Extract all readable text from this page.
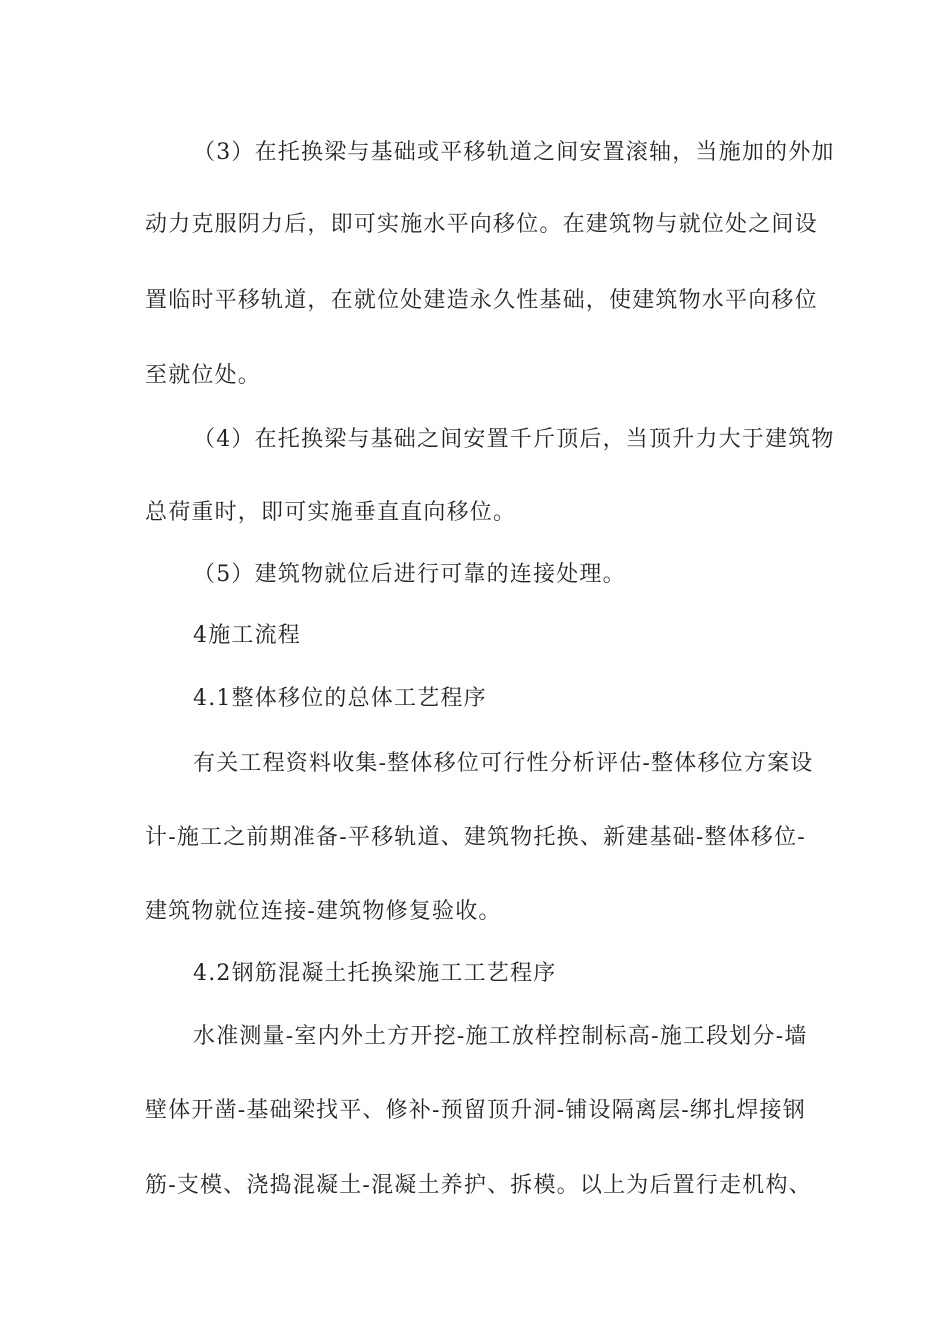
（3）在托换梁与基础或平移轨道之间安置滚轴，当施加的外加
动力克服阴力后，即可实施水平向移位。在建筑物与就位处之间设
置临时平移轨道，在就位处建造永久性基础，使建筑物水平向移位
至就位处。
（4）在托换梁与基础之间安置千斤顶后，当顶升力大于建筑物
总荷重时，即可实施垂直直向移位。
（5）建筑物就位后进行可靠的连接处理。
4施工流程
4.1整体移位的总体工艺程序
有关工程资料收集-整体移位可行性分析评估-整体移位方案设
计-施工之前期准备-平移轨道、建筑物托换、新建基础-整体移位-
建筑物就位连接-建筑物修复验收。
4.2钢筋混凝土托换梁施工工艺程序
水准测量-室内外土方开挖-施工放样控制标高-施工段划分-墙
壁体开凿-基础梁找平、修补-预留顶升洞-铺设隔离层-绑扎焊接钢
筋-支模、浇捣混凝土-混凝土养护、拆模。以上为后置行走机构、
